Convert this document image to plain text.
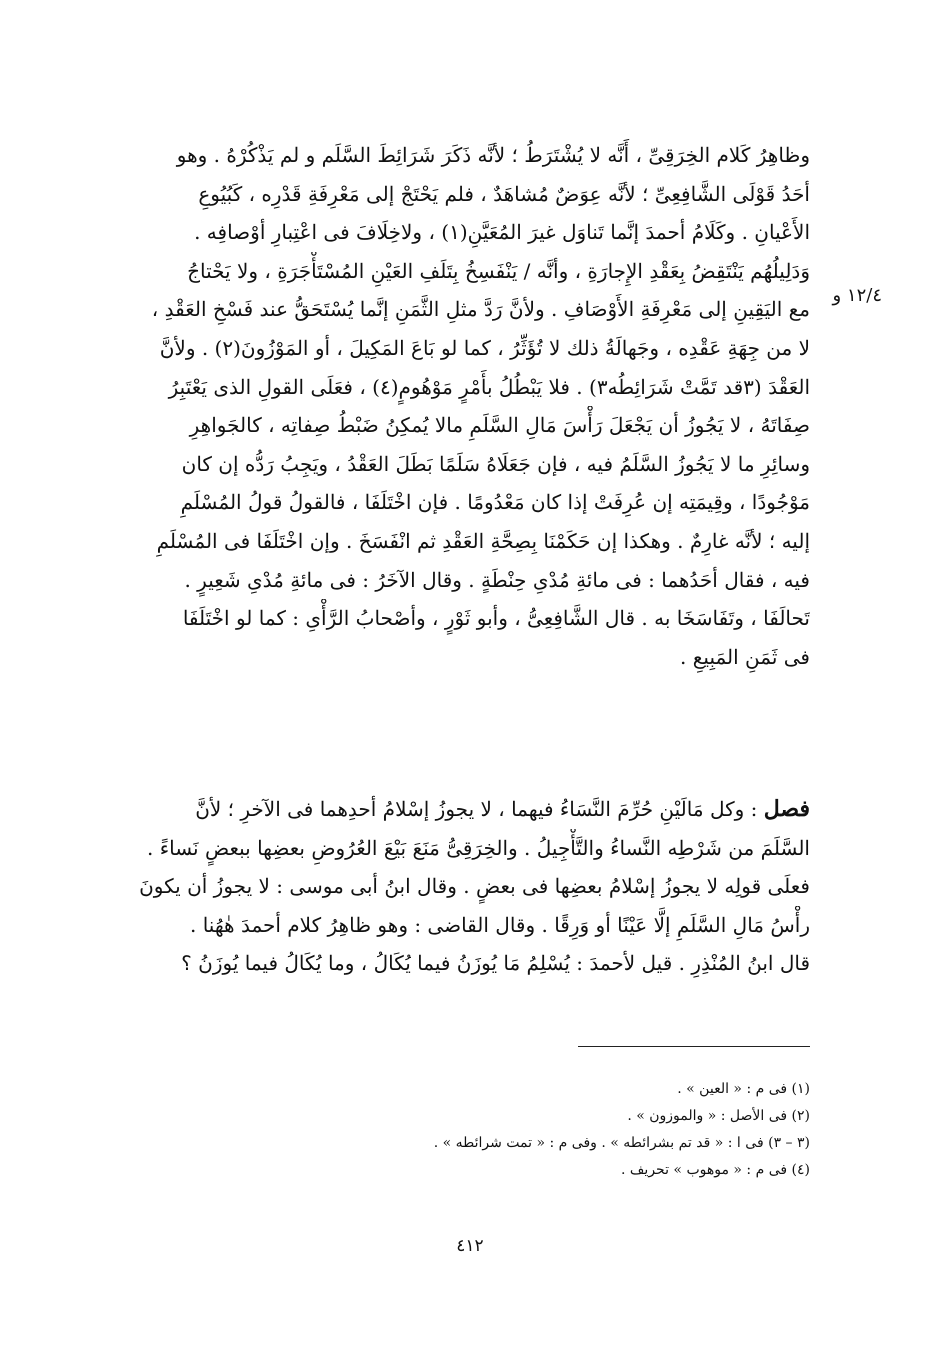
١٢/٤ و
وظاهِرُ كَلام الخِرَقِىِّ ، أَنَّه لا يُشْتَرَطُ ؛ لأنَّه ذَكَرَ شَرَائِطَ السَّلَم و لم يَذْكُرْهُ . وهو
أحَدُ قَوْلَى الشَّافِعِىِّ ؛ لأنَّه عِوَضٌ مُشاهَدٌ ، فلم يَحْتَجْ إلى مَعْرِفَةِ قَدْرِه ، كَبُيُوعِ
الأَعْيانِ . وكَلَامُ أحمدَ إنَّما تَناوَل غيرَ المُعَيَّنِ(١) ، ولاخِلَافَ فى اعْتِبارِ أوْصافِه .
وَدَلِيلُهُم يَنْتَقِضُ بِعَقْدِ الإِجارَةِ ، وأنَّه / يَنْفَسِخُ بِتَلَفِ العَيْنِ المُسْتَأْجَرَةِ ، ولا يَحْتاجُ
مع اليَقِينِ إلى مَعْرِفَةِ الأَوْصَافِ . ولأنَّ رَدَّ مثلِ الثَّمَنِ إنَّما يُسْتَحَقُّ عند فَسْخِ العَقْدِ ،
لا من جِهَةِ عَقْدِه ، وجَهالَةُ ذلك لا تُؤَثِّرُ ، كما لو بَاعَ المَكِيلَ ، أو المَوْزُونَ(٢) . ولأنَّ
العَقْدَ (٣قد تَمَّتْ شَرَائِطُه٣) . فلا يَبْطُلُ بأَمْرٍ مَوْهُومٍ(٤) ، فعَلَى القولِ الذى يَعْتَبِرُ
صِفَاتَهُ ، لا يَجُوزُ أن يَجْعَلَ رَأْسَ مَالِ السَّلَمِ مالا يُمكِنُ ضَبْطُ صِفاتِه ، كالجَواهِرِ
وسائِرِ ما لا يَجُوزُ السَّلَمُ فيه ، فإن جَعَلَاهُ سَلَمًا بَطَلَ العَقْدُ ، ويَجِبُ رَدُّه إن كان
مَوْجُودًا ، وقِيمَتِه إن عُرِفَتْ إذا كان مَعْدُومًا . فإن اخْتَلَفَا ، فالقولُ قولُ المُسْلَمِ
إليه ؛ لأنَّه غارِمٌ . وهكذا إن حَكَمْنَا بِصِحَّةِ العَقْدِ ثم انْفَسَخَ . وإن اخْتَلَفَا فى المُسْلَمِ
فيه ، فقال أحَدُهما : فى مائةِ مُدْىِ حِنْطَةٍ . وقال الآخَرُ : فى مائةِ مُدْىِ شَعِيرٍ .
تَحالَفَا ، وتَفَاسَخَا به . قال الشَّافِعِىُّ ، وأبو ثَوْرٍ ، وأصْحابُ الرَّأْىِ : كما لو اخْتَلَفَا
فى ثَمَنِ المَبِيعِ .
فصل : وكل مَالَيْنِ حُرِّمَ النَّسَاءُ فيهما ، لا يجوزُ إسْلامُ أحدِهما فى الآخرِ ؛ لأنَّ
السَّلَمَ من شَرْطِه النَّساءُ والتَّأْجِيلُ . والخِرَقِىُّ مَنَعَ بَيْعَ العُرُوضِ بعضِها ببعضٍ نَساءً .
فعلَى قولِه لا يجوزُ إسْلامُ بعضِها فى بعضٍ . وقال ابنُ أبى موسى : لا يجوزُ أن يكونَ
رأْسُ مَالِ السَّلَمِ إلَّا عَيْنًا أو وَرِقًا . وقال القاضى : وهو ظاهِرُ كلام أحمدَ هٰهُنا .
قال ابنُ المُنْذِرِ . قيل لأحمدَ : يُسْلِمُ مَا يُوزَنُ فيما يُكَالُ ، وما يُكَالُ فيما يُوزَنُ ؟
(١) فى م : « العين » .
(٢) فى الأصل : « والموزون » .
(٣ – ٣) فى ا : « قد تم بشرائطه » . وفى م : « تمت شرائطه » .
(٤) فى م : « موهوب » تحريف .
٤١٢
